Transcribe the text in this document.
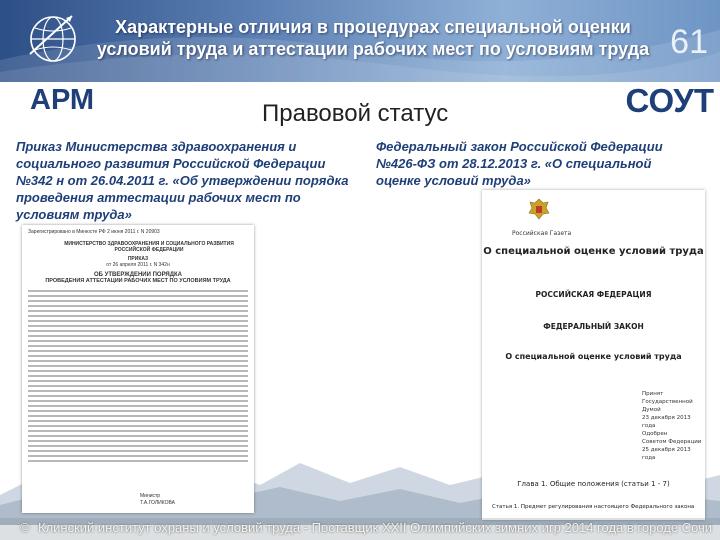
Характерные отличия в процедурах специальной оценки
условий труда и аттестации рабочих мест по условиям труда 61
АРМ	Правовой статус	СОУТ
Приказ Министерства здравоохранения и социального развития Российской Федерации №342 н от 26.04.2011 г. «Об утверждении порядка проведения аттестации рабочих мест по условиям труда»
Федеральный закон Российской Федерации №426-ФЗ от 28.12.2013 г. «О специальной оценке условий труда»
Зарегистрировано в Минюсте РФ 2 июня 2011 г. N 20903
МИНИСТЕРСТВО ЗДРАВООХРАНЕНИЯ И СОЦИАЛЬНОГО РАЗВИТИЯ РОССИЙСКОЙ ФЕДЕРАЦИИ
ПРИКАЗ
от 26 апреля 2011 г. N 342н
ОБ УТВЕРЖДЕНИИ ПОРЯДКА
ПРОВЕДЕНИЯ АТТЕСТАЦИИ РАБОЧИХ МЕСТ ПО УСЛОВИЯМ ТРУДА
Министр
Т.А.ГОЛИКОВА
Российская Газета
О специальной оценке условий труда
РОССИЙСКАЯ ФЕДЕРАЦИЯ
ФЕДЕРАЛЬНЫЙ ЗАКОН
О специальной оценке условий труда
Принят
Государственной Думой
23 декабря 2013 года
Одобрен
Советом Федерации
25 декабря 2013 года
Глава 1. Общие положения (статьи 1 - 7)
Статья 1. Предмет регулирования настоящего Федерального закона
© Клинский институт охраны и условий труда - Поставщик XXII Олимпийских зимних игр 2014 года в городе Сочи
